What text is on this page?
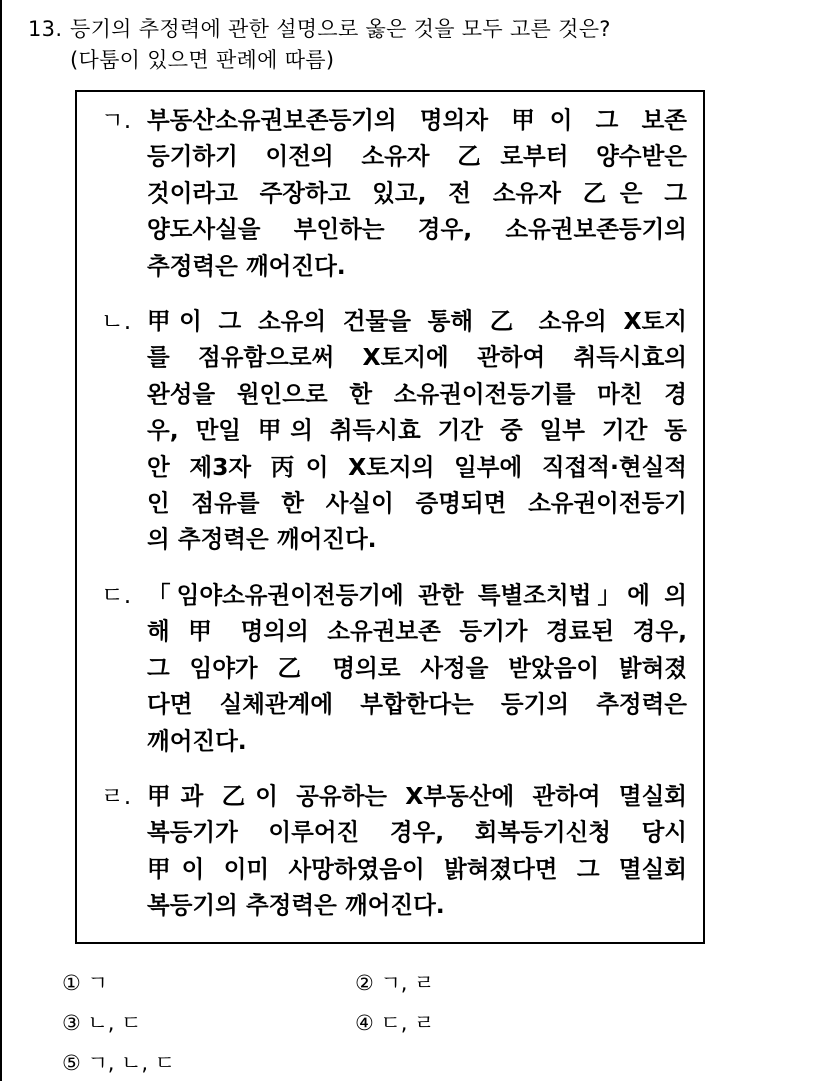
13. 등기의 추정력에 관한 설명으로 옳은 것을 모두 고른 것은?
(다툼이 있으면 판례에 따름)
ㄱ. 부동산소유권보존등기의 명의자 甲이 그 보존
등기하기 이전의 소유자 乙로부터 양수받은
것이라고 주장하고 있고, 전 소유자 乙은 그
양도사실을 부인하는 경우, 소유권보존등기의
추정력은 깨어진다.
ㄴ. 甲이 그 소유의 건물을 통해 乙 소유의 X토지
를 점유함으로써 X토지에 관하여 취득시효의
완성을 원인으로 한 소유권이전등기를 마친 경
우, 만일 甲의 취득시효 기간 중 일부 기간 동
안 제3자 丙이 X토지의 일부에 직접적·현실적
인 점유를 한 사실이 증명되면 소유권이전등기
의 추정력은 깨어진다.
ㄷ. 「임야소유권이전등기에 관한 특별조치법」에 의
해 甲 명의의 소유권보존 등기가 경료된 경우,
그 임야가 乙 명의로 사정을 받았음이 밝혀졌
다면 실체관계에 부합한다는 등기의 추정력은
깨어진다.
ㄹ. 甲과 乙이 공유하는 X부동산에 관하여 멸실회
복등기가 이루어진 경우, 회복등기신청 당시
甲이 이미 사망하였음이 밝혀졌다면 그 멸실회
복등기의 추정력은 깨어진다.
① ㄱ	② ㄱ, ㄹ
③ ㄴ, ㄷ	④ ㄷ, ㄹ
⑤ ㄱ, ㄴ, ㄷ
